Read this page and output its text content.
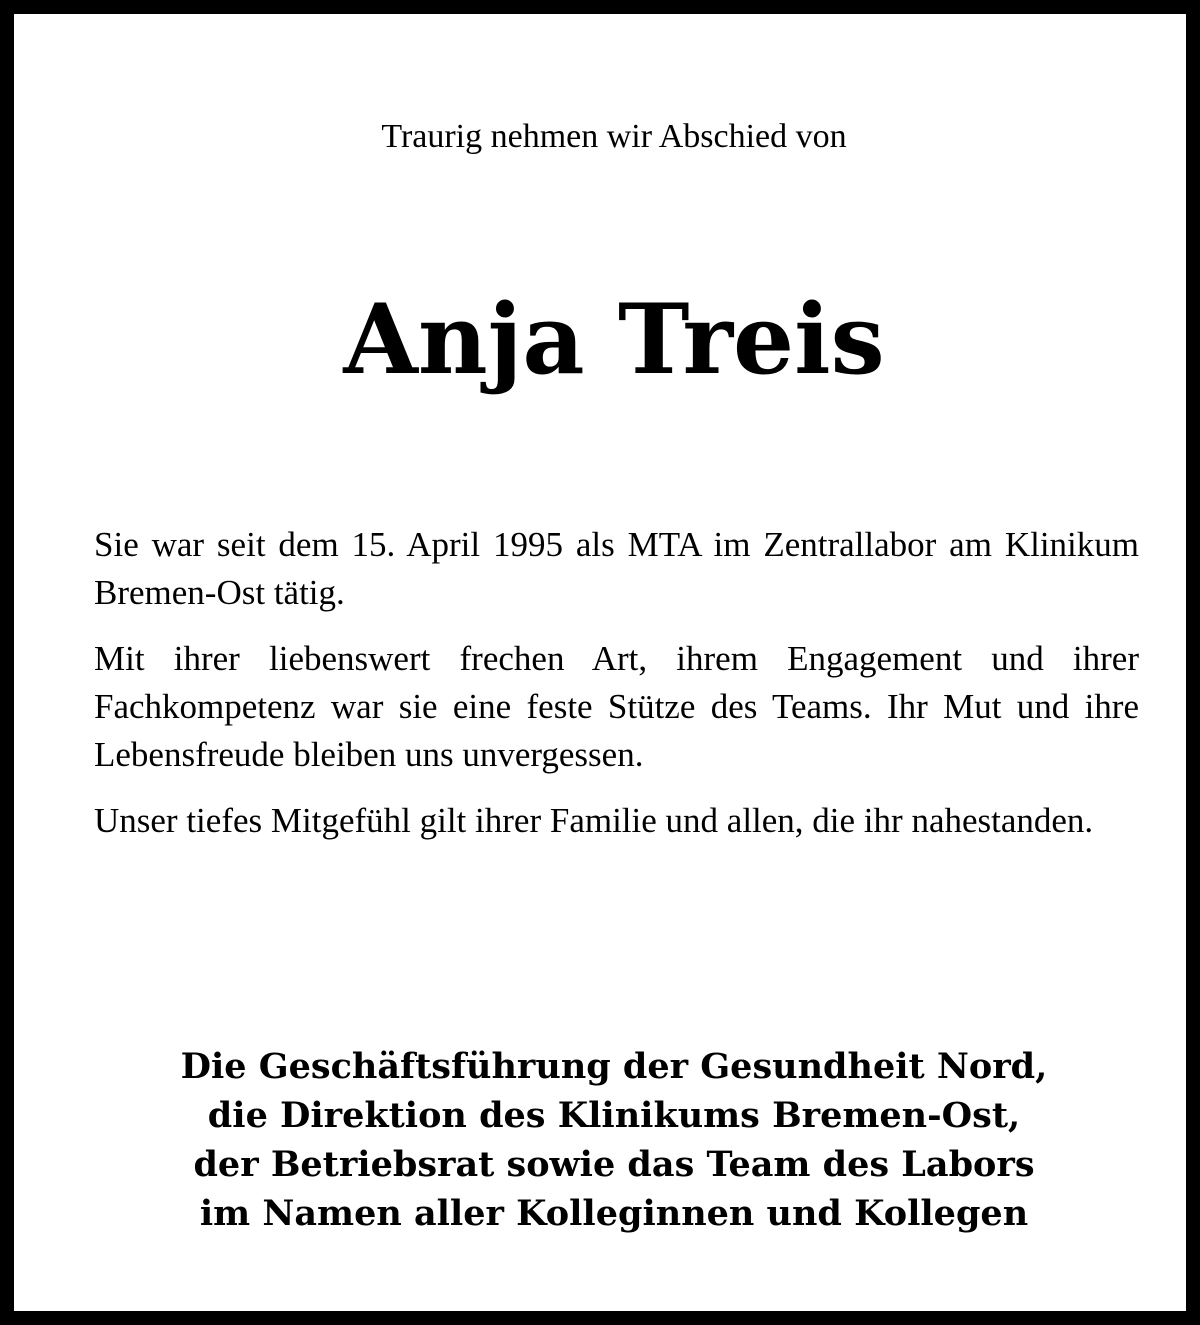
Traurig nehmen wir Abschied von
Anja Treis

Sie war seit dem 15. April 1995 als MTA im Zentrallabor am Klinikum Bremen-Ost tätig.

Mit ihrer liebenswert frechen Art, ihrem Engagement und ihrer Fachkompetenz war sie eine feste Stütze des Teams. Ihr Mut und ihre Lebensfreude bleiben uns unvergessen.

Unser tiefes Mitgefühl gilt ihrer Familie und allen, die ihr nahestanden.

Die Geschäftsführung der Gesundheit Nord,
die Direktion des Klinikums Bremen-Ost,
der Betriebsrat sowie das Team des Labors
im Namen aller Kolleginnen und Kollegen
